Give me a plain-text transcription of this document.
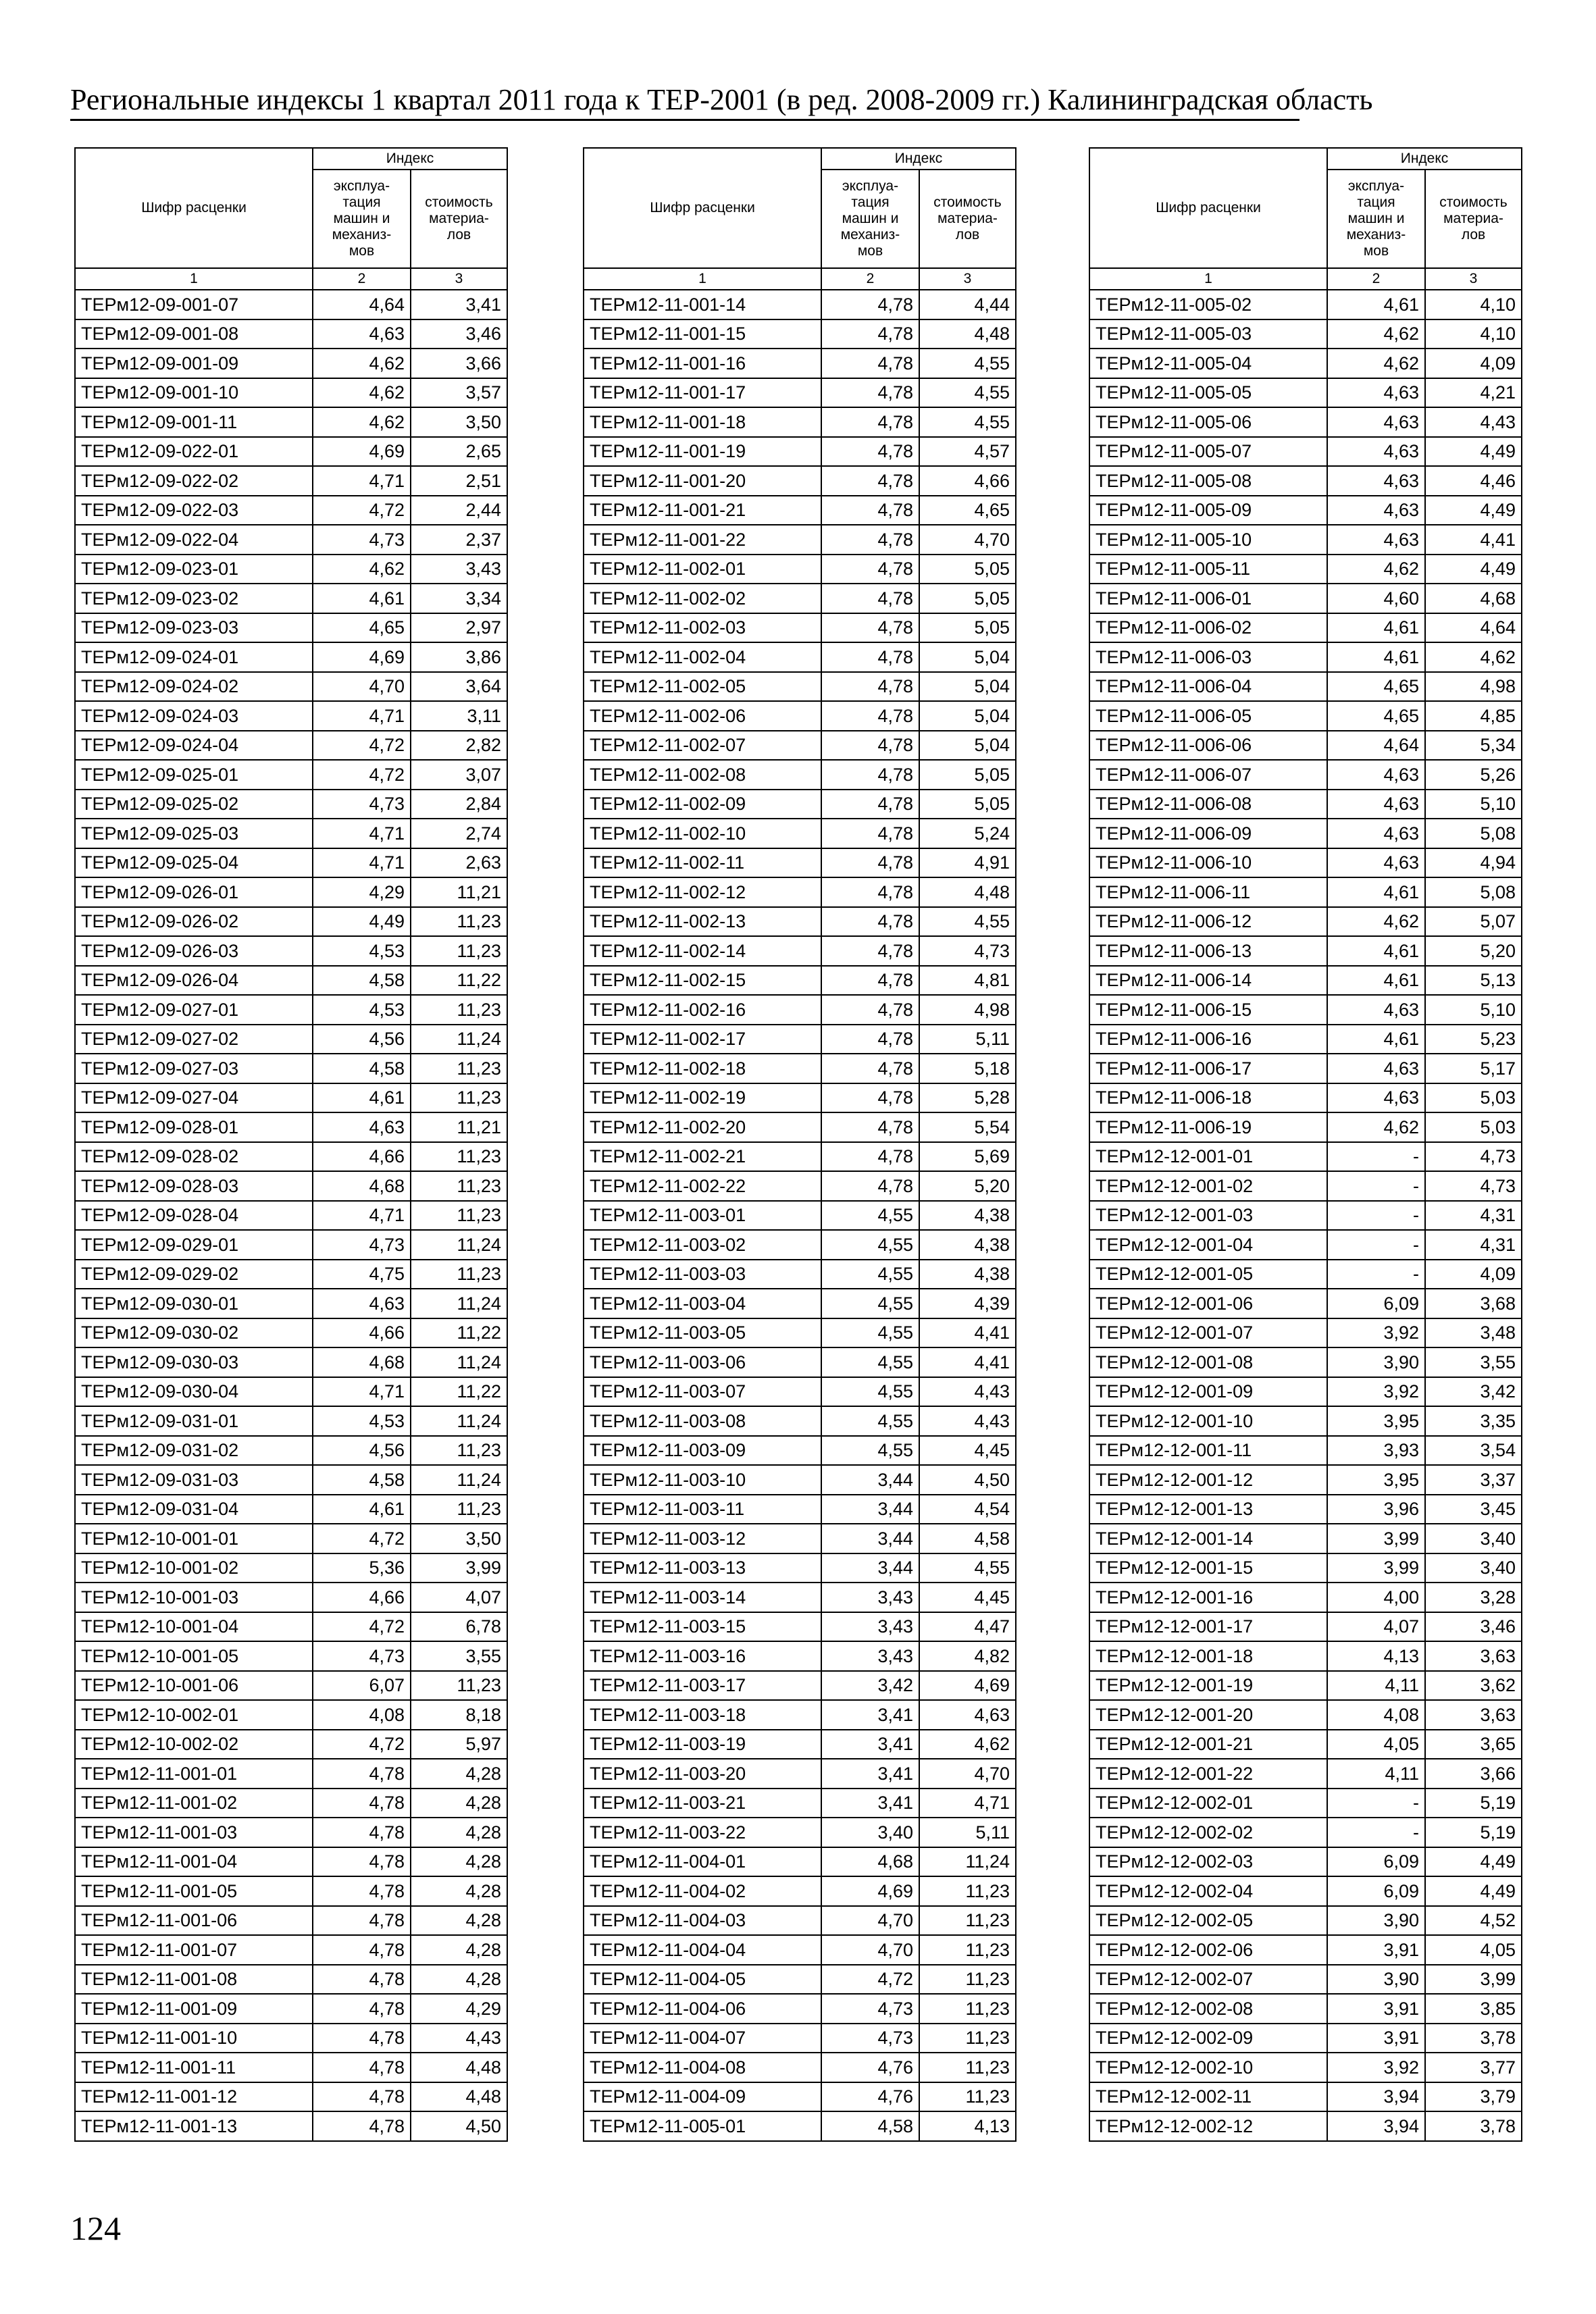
Региональные индексы 1 квартал 2011 года к ТЕР-2001 (в ред. 2008-2009 гг.) Калининградская область
Шифр расценки	Индекс	
	эксплуа-
тация
машин и
механиз-
мов	стоимость
материа-
лов
1	2	3
ТЕРм12-09-001-07	4,64	3,41
ТЕРм12-09-001-08	4,63	3,46
ТЕРм12-09-001-09	4,62	3,66
ТЕРм12-09-001-10	4,62	3,57
ТЕРм12-09-001-11	4,62	3,50
ТЕРм12-09-022-01	4,69	2,65
ТЕРм12-09-022-02	4,71	2,51
ТЕРм12-09-022-03	4,72	2,44
ТЕРм12-09-022-04	4,73	2,37
ТЕРм12-09-023-01	4,62	3,43
ТЕРм12-09-023-02	4,61	3,34
ТЕРм12-09-023-03	4,65	2,97
ТЕРм12-09-024-01	4,69	3,86
ТЕРм12-09-024-02	4,70	3,64
ТЕРм12-09-024-03	4,71	3,11
ТЕРм12-09-024-04	4,72	2,82
ТЕРм12-09-025-01	4,72	3,07
ТЕРм12-09-025-02	4,73	2,84
ТЕРм12-09-025-03	4,71	2,74
ТЕРм12-09-025-04	4,71	2,63
ТЕРм12-09-026-01	4,29	11,21
ТЕРм12-09-026-02	4,49	11,23
ТЕРм12-09-026-03	4,53	11,23
ТЕРм12-09-026-04	4,58	11,22
ТЕРм12-09-027-01	4,53	11,23
ТЕРм12-09-027-02	4,56	11,24
ТЕРм12-09-027-03	4,58	11,23
ТЕРм12-09-027-04	4,61	11,23
ТЕРм12-09-028-01	4,63	11,21
ТЕРм12-09-028-02	4,66	11,23
ТЕРм12-09-028-03	4,68	11,23
ТЕРм12-09-028-04	4,71	11,23
ТЕРм12-09-029-01	4,73	11,24
ТЕРм12-09-029-02	4,75	11,23
ТЕРм12-09-030-01	4,63	11,24
ТЕРм12-09-030-02	4,66	11,22
ТЕРм12-09-030-03	4,68	11,24
ТЕРм12-09-030-04	4,71	11,22
ТЕРм12-09-031-01	4,53	11,24
ТЕРм12-09-031-02	4,56	11,23
ТЕРм12-09-031-03	4,58	11,24
ТЕРм12-09-031-04	4,61	11,23
ТЕРм12-10-001-01	4,72	3,50
ТЕРм12-10-001-02	5,36	3,99
ТЕРм12-10-001-03	4,66	4,07
ТЕРм12-10-001-04	4,72	6,78
ТЕРм12-10-001-05	4,73	3,55
ТЕРм12-10-001-06	6,07	11,23
ТЕРм12-10-002-01	4,08	8,18
ТЕРм12-10-002-02	4,72	5,97
ТЕРм12-11-001-01	4,78	4,28
ТЕРм12-11-001-02	4,78	4,28
ТЕРм12-11-001-03	4,78	4,28
ТЕРм12-11-001-04	4,78	4,28
ТЕРм12-11-001-05	4,78	4,28
ТЕРм12-11-001-06	4,78	4,28
ТЕРм12-11-001-07	4,78	4,28
ТЕРм12-11-001-08	4,78	4,28
ТЕРм12-11-001-09	4,78	4,29
ТЕРм12-11-001-10	4,78	4,43
ТЕРм12-11-001-11	4,78	4,48
ТЕРм12-11-001-12	4,78	4,48
ТЕРм12-11-001-13	4,78	4,50
Шифр расценки	Индекс	
	эксплуа-
тация
машин и
механиз-
мов	стоимость
материа-
лов
1	2	3
ТЕРм12-11-001-14	4,78	4,44
ТЕРм12-11-001-15	4,78	4,48
ТЕРм12-11-001-16	4,78	4,55
ТЕРм12-11-001-17	4,78	4,55
ТЕРм12-11-001-18	4,78	4,55
ТЕРм12-11-001-19	4,78	4,57
ТЕРм12-11-001-20	4,78	4,66
ТЕРм12-11-001-21	4,78	4,65
ТЕРм12-11-001-22	4,78	4,70
ТЕРм12-11-002-01	4,78	5,05
ТЕРм12-11-002-02	4,78	5,05
ТЕРм12-11-002-03	4,78	5,05
ТЕРм12-11-002-04	4,78	5,04
ТЕРм12-11-002-05	4,78	5,04
ТЕРм12-11-002-06	4,78	5,04
ТЕРм12-11-002-07	4,78	5,04
ТЕРм12-11-002-08	4,78	5,05
ТЕРм12-11-002-09	4,78	5,05
ТЕРм12-11-002-10	4,78	5,24
ТЕРм12-11-002-11	4,78	4,91
ТЕРм12-11-002-12	4,78	4,48
ТЕРм12-11-002-13	4,78	4,55
ТЕРм12-11-002-14	4,78	4,73
ТЕРм12-11-002-15	4,78	4,81
ТЕРм12-11-002-16	4,78	4,98
ТЕРм12-11-002-17	4,78	5,11
ТЕРм12-11-002-18	4,78	5,18
ТЕРм12-11-002-19	4,78	5,28
ТЕРм12-11-002-20	4,78	5,54
ТЕРм12-11-002-21	4,78	5,69
ТЕРм12-11-002-22	4,78	5,20
ТЕРм12-11-003-01	4,55	4,38
ТЕРм12-11-003-02	4,55	4,38
ТЕРм12-11-003-03	4,55	4,38
ТЕРм12-11-003-04	4,55	4,39
ТЕРм12-11-003-05	4,55	4,41
ТЕРм12-11-003-06	4,55	4,41
ТЕРм12-11-003-07	4,55	4,43
ТЕРм12-11-003-08	4,55	4,43
ТЕРм12-11-003-09	4,55	4,45
ТЕРм12-11-003-10	3,44	4,50
ТЕРм12-11-003-11	3,44	4,54
ТЕРм12-11-003-12	3,44	4,58
ТЕРм12-11-003-13	3,44	4,55
ТЕРм12-11-003-14	3,43	4,45
ТЕРм12-11-003-15	3,43	4,47
ТЕРм12-11-003-16	3,43	4,82
ТЕРм12-11-003-17	3,42	4,69
ТЕРм12-11-003-18	3,41	4,63
ТЕРм12-11-003-19	3,41	4,62
ТЕРм12-11-003-20	3,41	4,70
ТЕРм12-11-003-21	3,41	4,71
ТЕРм12-11-003-22	3,40	5,11
ТЕРм12-11-004-01	4,68	11,24
ТЕРм12-11-004-02	4,69	11,23
ТЕРм12-11-004-03	4,70	11,23
ТЕРм12-11-004-04	4,70	11,23
ТЕРм12-11-004-05	4,72	11,23
ТЕРм12-11-004-06	4,73	11,23
ТЕРм12-11-004-07	4,73	11,23
ТЕРм12-11-004-08	4,76	11,23
ТЕРм12-11-004-09	4,76	11,23
ТЕРм12-11-005-01	4,58	4,13
Шифр расценки	Индекс	
	эксплуа-
тация
машин и
механиз-
мов	стоимость
материа-
лов
1	2	3
ТЕРм12-11-005-02	4,61	4,10
ТЕРм12-11-005-03	4,62	4,10
ТЕРм12-11-005-04	4,62	4,09
ТЕРм12-11-005-05	4,63	4,21
ТЕРм12-11-005-06	4,63	4,43
ТЕРм12-11-005-07	4,63	4,49
ТЕРм12-11-005-08	4,63	4,46
ТЕРм12-11-005-09	4,63	4,49
ТЕРм12-11-005-10	4,63	4,41
ТЕРм12-11-005-11	4,62	4,49
ТЕРм12-11-006-01	4,60	4,68
ТЕРм12-11-006-02	4,61	4,64
ТЕРм12-11-006-03	4,61	4,62
ТЕРм12-11-006-04	4,65	4,98
ТЕРм12-11-006-05	4,65	4,85
ТЕРм12-11-006-06	4,64	5,34
ТЕРм12-11-006-07	4,63	5,26
ТЕРм12-11-006-08	4,63	5,10
ТЕРм12-11-006-09	4,63	5,08
ТЕРм12-11-006-10	4,63	4,94
ТЕРм12-11-006-11	4,61	5,08
ТЕРм12-11-006-12	4,62	5,07
ТЕРм12-11-006-13	4,61	5,20
ТЕРм12-11-006-14	4,61	5,13
ТЕРм12-11-006-15	4,63	5,10
ТЕРм12-11-006-16	4,61	5,23
ТЕРм12-11-006-17	4,63	5,17
ТЕРм12-11-006-18	4,63	5,03
ТЕРм12-11-006-19	4,62	5,03
ТЕРм12-12-001-01	-	4,73
ТЕРм12-12-001-02	-	4,73
ТЕРм12-12-001-03	-	4,31
ТЕРм12-12-001-04	-	4,31
ТЕРм12-12-001-05	-	4,09
ТЕРм12-12-001-06	6,09	3,68
ТЕРм12-12-001-07	3,92	3,48
ТЕРм12-12-001-08	3,90	3,55
ТЕРм12-12-001-09	3,92	3,42
ТЕРм12-12-001-10	3,95	3,35
ТЕРм12-12-001-11	3,93	3,54
ТЕРм12-12-001-12	3,95	3,37
ТЕРм12-12-001-13	3,96	3,45
ТЕРм12-12-001-14	3,99	3,40
ТЕРм12-12-001-15	3,99	3,40
ТЕРм12-12-001-16	4,00	3,28
ТЕРм12-12-001-17	4,07	3,46
ТЕРм12-12-001-18	4,13	3,63
ТЕРм12-12-001-19	4,11	3,62
ТЕРм12-12-001-20	4,08	3,63
ТЕРм12-12-001-21	4,05	3,65
ТЕРм12-12-001-22	4,11	3,66
ТЕРм12-12-002-01	-	5,19
ТЕРм12-12-002-02	-	5,19
ТЕРм12-12-002-03	6,09	4,49
ТЕРм12-12-002-04	6,09	4,49
ТЕРм12-12-002-05	3,90	4,52
ТЕРм12-12-002-06	3,91	4,05
ТЕРм12-12-002-07	3,90	3,99
ТЕРм12-12-002-08	3,91	3,85
ТЕРм12-12-002-09	3,91	3,78
ТЕРм12-12-002-10	3,92	3,77
ТЕРм12-12-002-11	3,94	3,79
ТЕРм12-12-002-12	3,94	3,78
124
